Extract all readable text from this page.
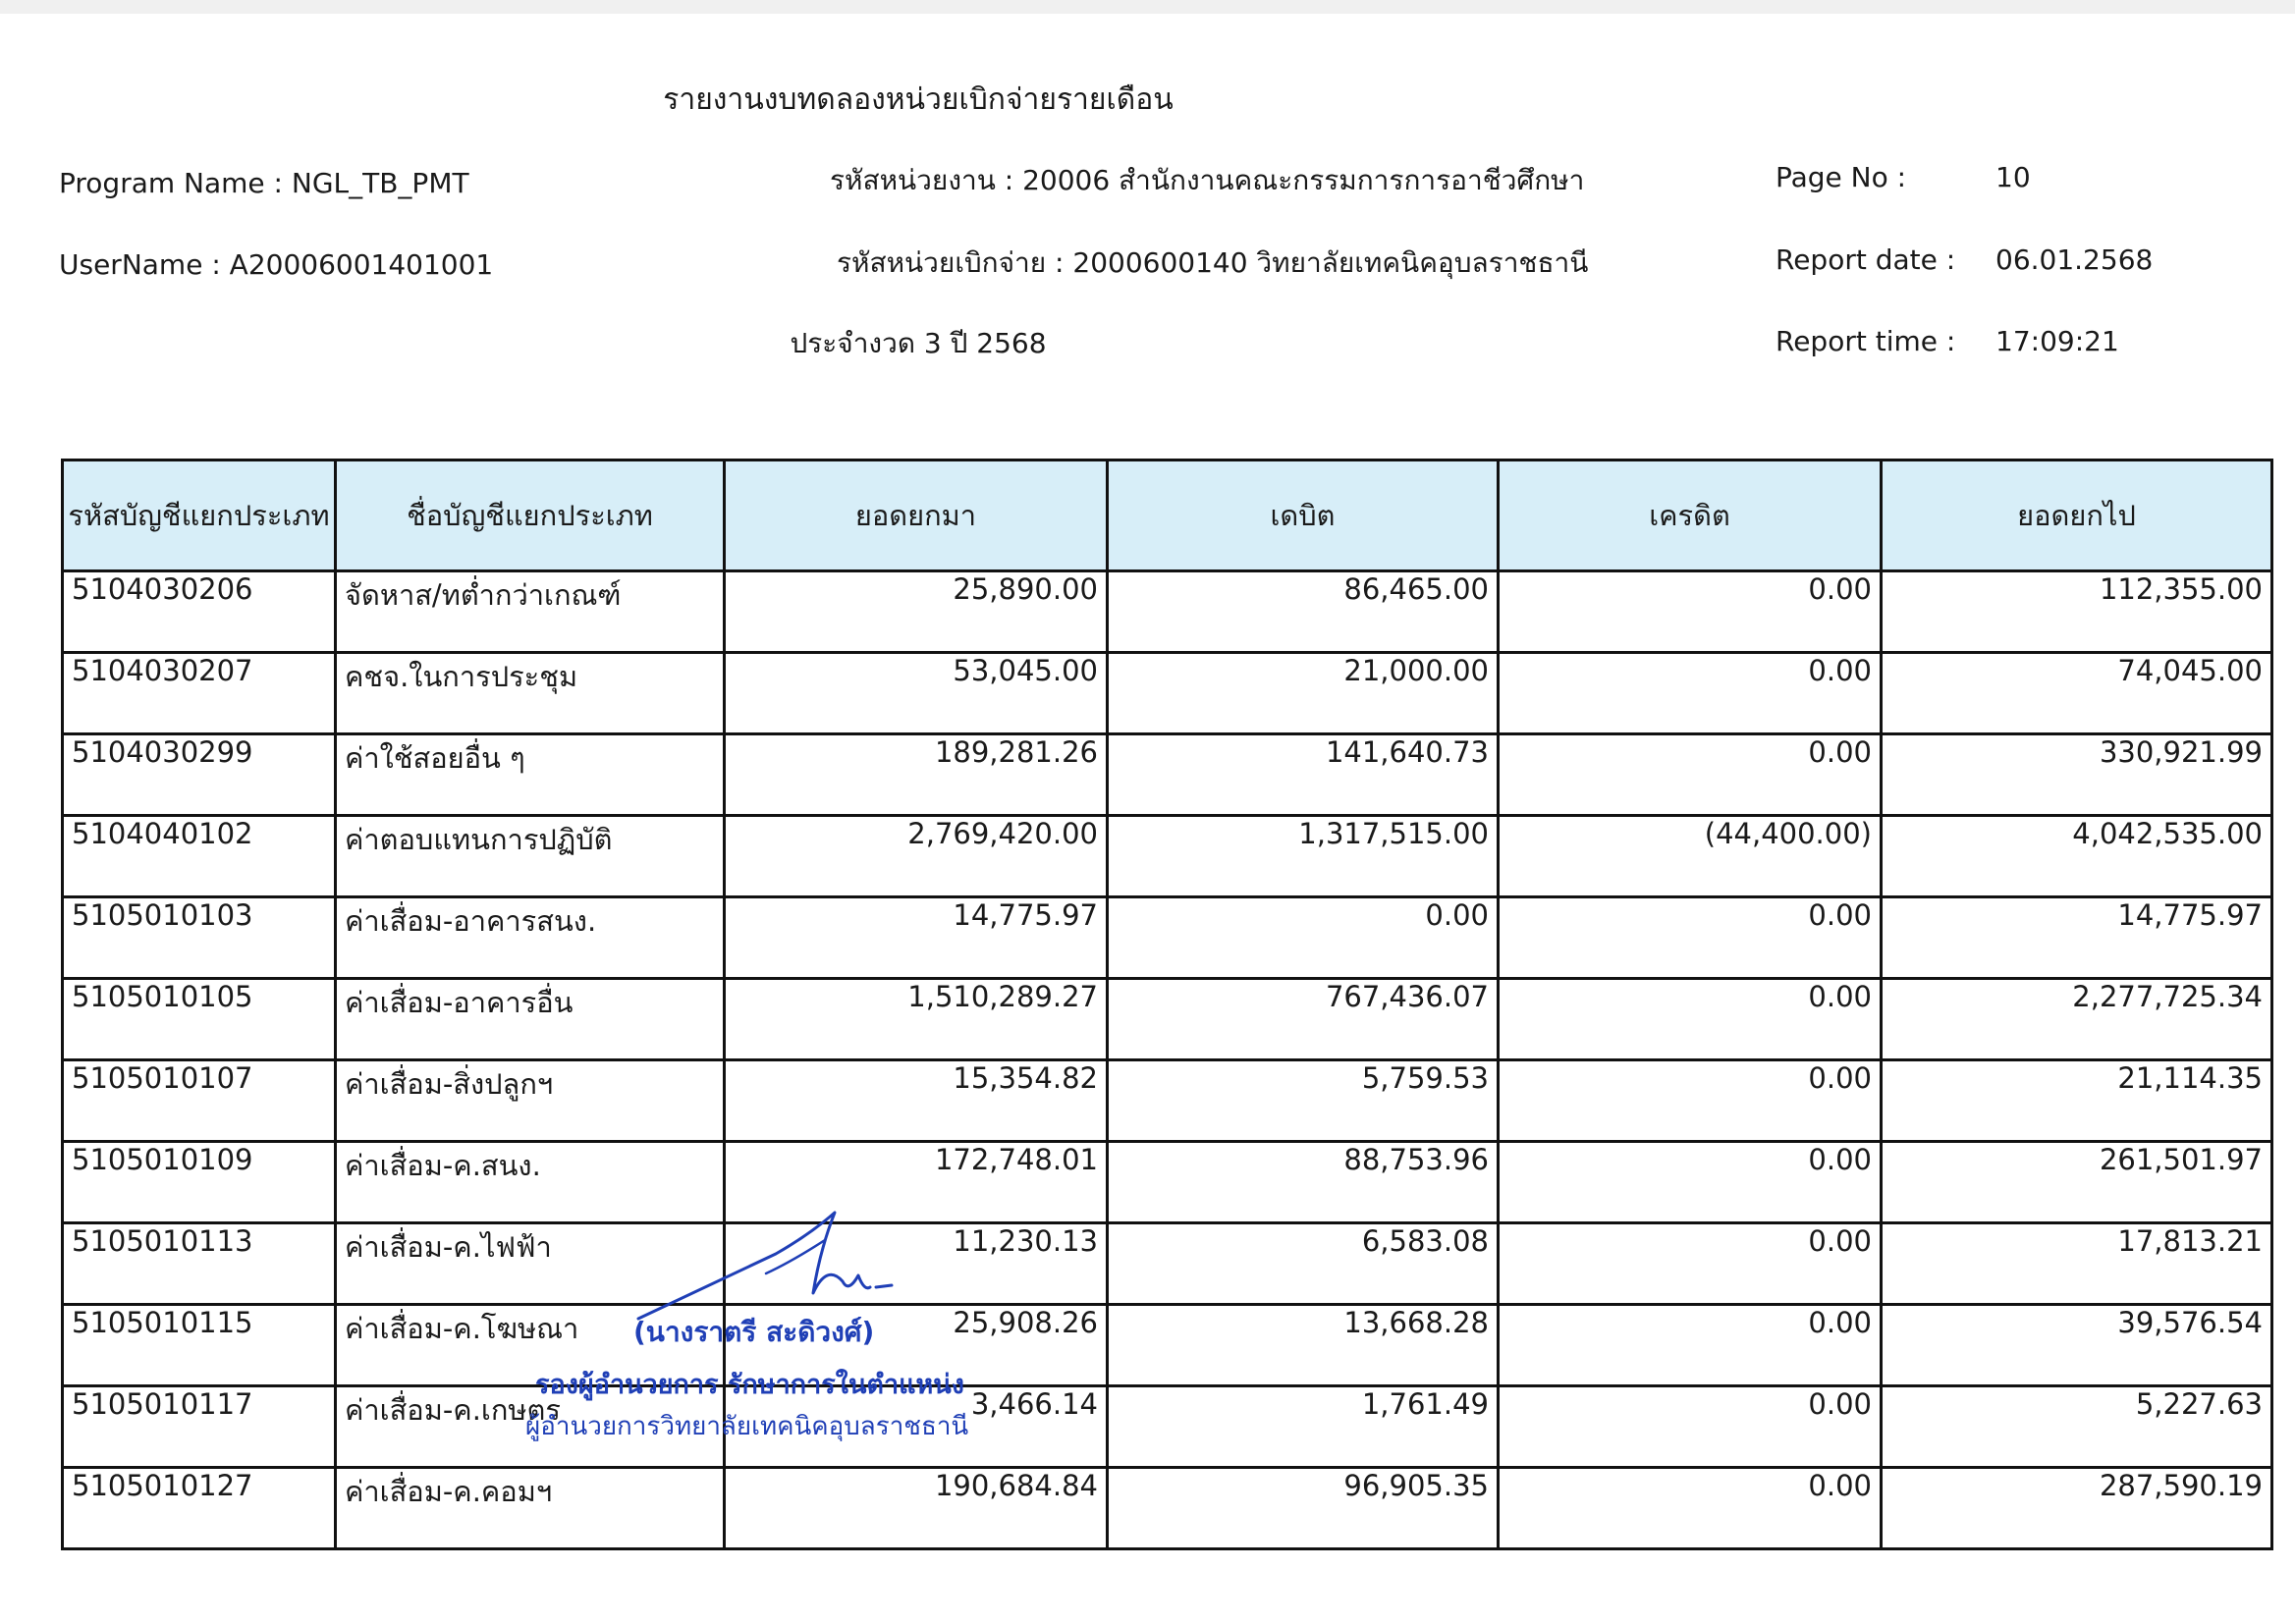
รายงานงบทดลองหน่วยเบิกจ่ายรายเดือน
Program Name : NGL_TB_PMT
UserName : A20006001401001
รหัสหน่วยงาน : 20006 สำนักงานคณะกรรมการการอาชีวศึกษา
รหัสหน่วยเบิกจ่าย : 2000600140 วิทยาลัยเทคนิคอุบลราชธานี
ประจำงวด 3 ปี 2568
Page No :	10
Report date : 06.01.2568
Report time : 17:09:21
รหัสบัญชีแยกประเภท	ชื่อบัญชีแยกประเภท	ยอดยกมา	เดบิต	เครดิต	ยอดยกไป
5104030206	จัดหาส/ทต่ำกว่าเกณฑ์	25,890.00	86,465.00	0.00	112,355.00
5104030207	คชจ.ในการประชุม	53,045.00	21,000.00	0.00	74,045.00
5104030299	ค่าใช้สอยอื่น ๆ	189,281.26	141,640.73	0.00	330,921.99
5104040102	ค่าตอบแทนการปฏิบัติ	2,769,420.00	1,317,515.00	(44,400.00)	4,042,535.00
5105010103	ค่าเสื่อม-อาคารสนง.	14,775.97	0.00	0.00	14,775.97
5105010105	ค่าเสื่อม-อาคารอื่น	1,510,289.27	767,436.07	0.00	2,277,725.34
5105010107	ค่าเสื่อม-สิ่งปลูกฯ	15,354.82	5,759.53	0.00	21,114.35
5105010109	ค่าเสื่อม-ค.สนง.	172,748.01	88,753.96	0.00	261,501.97
5105010113	ค่าเสื่อม-ค.ไฟฟ้า	11,230.13	6,583.08	0.00	17,813.21
5105010115	ค่าเสื่อม-ค.โฆษณา	25,908.26	13,668.28	0.00	39,576.54
5105010117	ค่าเสื่อม-ค.เกษตร	3,466.14	1,761.49	0.00	5,227.63
5105010127	ค่าเสื่อม-ค.คอมฯ	190,684.84	96,905.35	0.00	287,590.19
(นางราตรี สะดิวงศ์)
รองผู้อำนวยการ รักษาการในตำแหน่ง
ผู้อำนวยการวิทยาลัยเทคนิคอุบลราชธานี
